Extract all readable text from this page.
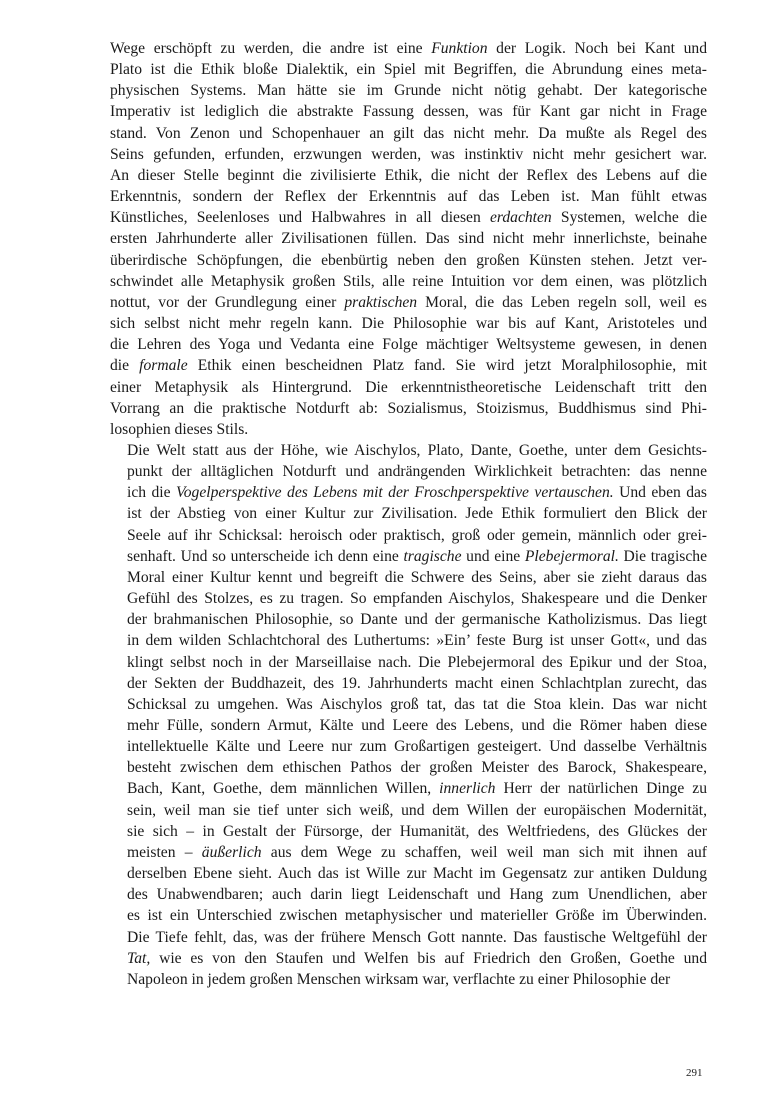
Wege erschöpft zu werden, die andre ist eine Funktion der Logik. Noch bei Kant und
Plato ist die Ethik bloße Dialektik, ein Spiel mit Begriffen, die Abrundung eines meta-
physischen Systems. Man hätte sie im Grunde nicht nötig gehabt. Der kategorische
Imperativ ist lediglich die abstrakte Fassung dessen, was für Kant gar nicht in Frage
stand. Von Zenon und Schopenhauer an gilt das nicht mehr. Da mußte als Regel des
Seins gefunden, erfunden, erzwungen werden, was instinktiv nicht mehr gesichert war.
An dieser Stelle beginnt die zivilisierte Ethik, die nicht der Reflex des Lebens auf die
Erkenntnis, sondern der Reflex der Erkenntnis auf das Leben ist. Man fühlt etwas
Künstliches, Seelenloses und Halbwahres in all diesen erdachten Systemen, welche die
ersten Jahrhunderte aller Zivilisationen füllen. Das sind nicht mehr innerlichste, beinahe
überirdische Schöpfungen, die ebenbürtig neben den großen Künsten stehen. Jetzt ver-
schwindet alle Metaphysik großen Stils, alle reine Intuition vor dem einen, was plötzlich
nottut, vor der Grundlegung einer praktischen Moral, die das Leben regeln soll, weil es
sich selbst nicht mehr regeln kann. Die Philosophie war bis auf Kant, Aristoteles und
die Lehren des Yoga und Vedanta eine Folge mächtiger Weltsysteme gewesen, in denen
die formale Ethik einen bescheidnen Platz fand. Sie wird jetzt Moralphilosophie, mit
einer Metaphysik als Hintergrund. Die erkenntnistheoretische Leidenschaft tritt den
Vorrang an die praktische Notdurft ab: Sozialismus, Stoizismus, Buddhismus sind Phi-
losophien dieses Stils.

Die Welt statt aus der Höhe, wie Aischylos, Plato, Dante, Goethe, unter dem Gesichts-
punkt der alltäglichen Notdurft und andrängenden Wirklichkeit betrachten: das nenne
ich die Vogelperspektive des Lebens mit der Froschperspektive vertauschen. Und eben das
ist der Abstieg von einer Kultur zur Zivilisation. Jede Ethik formuliert den Blick der
Seele auf ihr Schicksal: heroisch oder praktisch, groß oder gemein, männlich oder grei-
senhaft. Und so unterscheide ich denn eine tragische und eine Plebejermoral. Die tragische
Moral einer Kultur kennt und begreift die Schwere des Seins, aber sie zieht daraus das
Gefühl des Stolzes, es zu tragen. So empfanden Aischylos, Shakespeare und die Denker
der brahmanischen Philosophie, so Dante und der germanische Katholizismus. Das liegt
in dem wilden Schlachtchoral des Luthertums: »Ein’ feste Burg ist unser Gott«, und das
klingt selbst noch in der Marseillaise nach. Die Plebejermoral des Epikur und der Stoa,
der Sekten der Buddhazeit, des 19. Jahrhunderts macht einen Schlachtplan zurecht, das
Schicksal zu umgehen. Was Aischylos groß tat, das tat die Stoa klein. Das war nicht
mehr Fülle, sondern Armut, Kälte und Leere des Lebens, und die Römer haben diese
intellektuelle Kälte und Leere nur zum Großartigen gesteigert. Und dasselbe Verhältnis
besteht zwischen dem ethischen Pathos der großen Meister des Barock, Shakespeare,
Bach, Kant, Goethe, dem männlichen Willen, innerlich Herr der natürlichen Dinge zu
sein, weil man sie tief unter sich weiß, und dem Willen der europäischen Modernität,
sie sich – in Gestalt der Fürsorge, der Humanität, des Weltfriedens, des Glückes der
meisten – äußerlich aus dem Wege zu schaffen, weil weil man sich mit ihnen auf
derselben Ebene sieht. Auch das ist Wille zur Macht im Gegensatz zur antiken Duldung
des Unabwendbaren; auch darin liegt Leidenschaft und Hang zum Unendlichen, aber
es ist ein Unterschied zwischen metaphysischer und materieller Größe im Überwinden.
Die Tiefe fehlt, das, was der frühere Mensch Gott nannte. Das faustische Weltgefühl der
Tat, wie es von den Staufen und Welfen bis auf Friedrich den Großen, Goethe und
Napoleon in jedem großen Menschen wirksam war, verflachte zu einer Philosophie der

291
